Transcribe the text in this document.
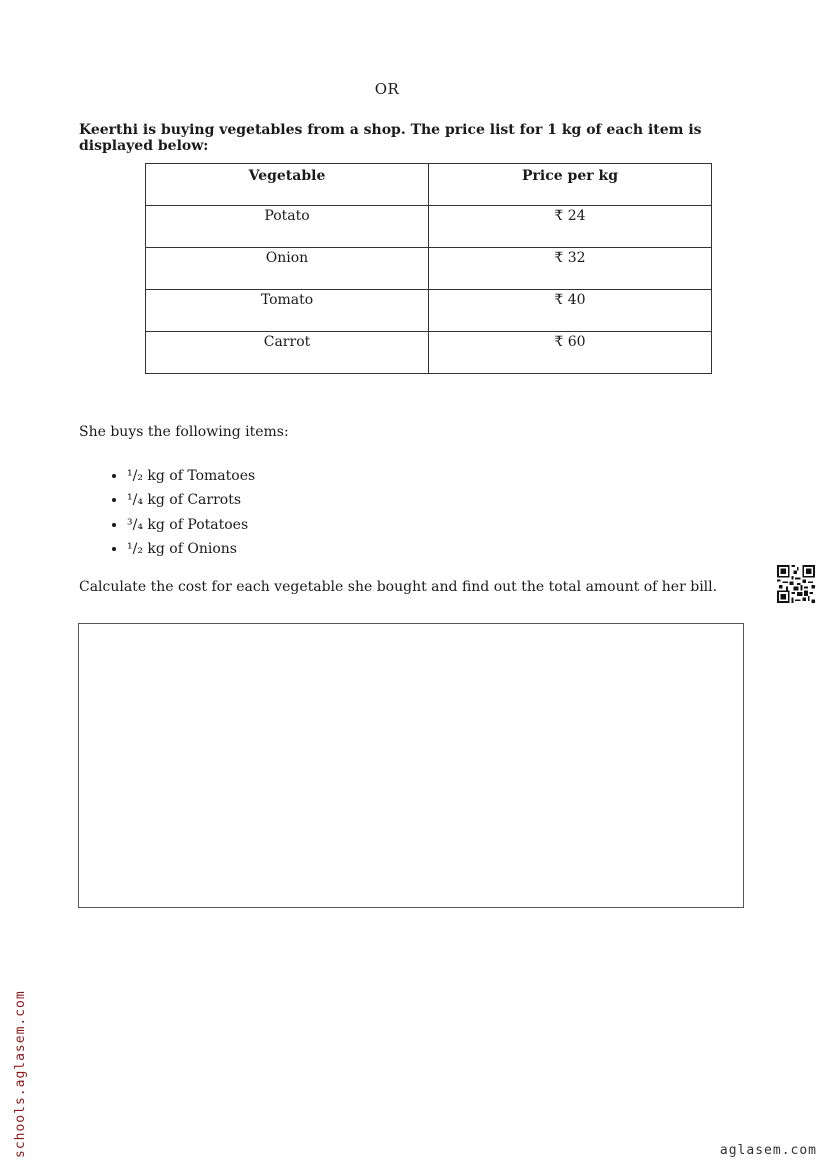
OR
Keerthi is buying vegetables from a shop. The price list for 1 kg of each item is displayed below:
Vegetable	Price per kg
Potato	₹ 24
Onion	₹ 32
Tomato	₹ 40
Carrot	₹ 60
She buys the following items:
• ¹/₂ kg of Tomatoes
• ¹/₄ kg of Carrots
• ³/₄ kg of Potatoes
• ¹/₂ kg of Onions
Calculate the cost for each vegetable she bought and find out the total amount of her bill.
schools.aglasem.com	aglasem.com
